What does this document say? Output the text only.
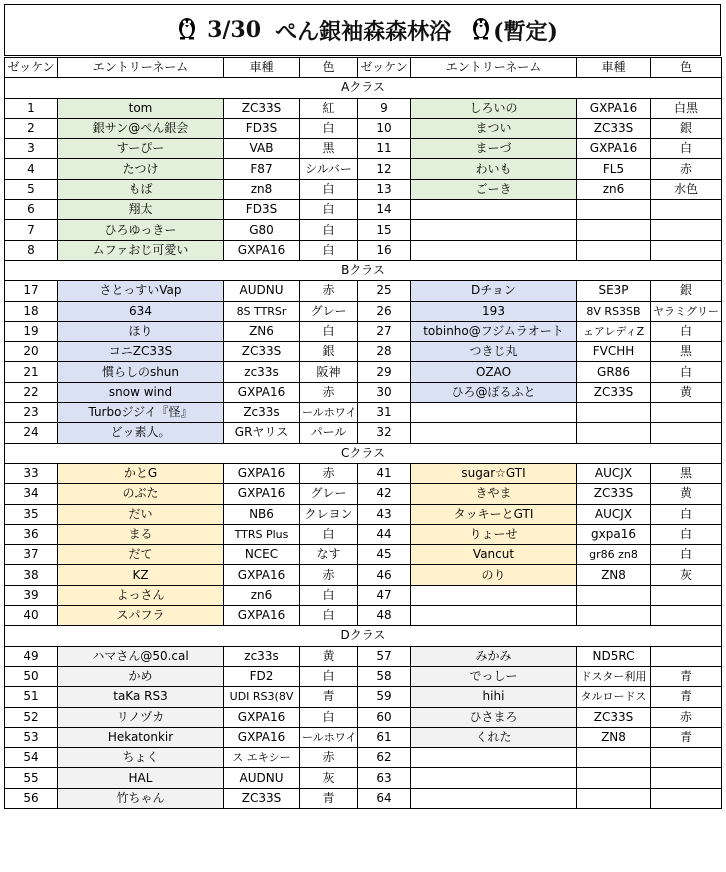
3/30 ぺん銀袖森森林浴 (暫定)
ゼッケン	エントリーネーム	車種	色	ゼッケン	エントリーネーム	車種	色
Aクラス							
1	tom	ZC33S	紅	9	しろいの	GXPA16	白黒
2	銀サン@ぺん銀会	FD3S	白	10	まつい	ZC33S	銀
3	すーぴー	VAB	黒	11	まーづ	GXPA16	白
4	たつけ	F87	シルバー	12	わいも	FL5	赤
5	もぱ	zn8	白	13	ごーき	zn6	水色
6	翔太	FD3S	白	14			
7	ひろゆっきー	G80	白	15			
8	ムファおじ可愛い	GXPA16	白	16			
Bクラス							
17	さとっすいVap	AUDNU	赤	25	Dチョン	SE3P	銀
18	634	8S TTRSr	グレー	26	193	8V RS3SB	ヤラミグリー
19	ほり	ZN6	白	27	tobinho@フジムラオート	ェアレディZ	白
20	コニZC33S	ZC33S	銀	28	つきじ丸	FVCHH	黒
21	慣らしのshun	zc33s	阪神	29	OZAO	GR86	白
22	snow wind	GXPA16	赤	30	ひろ@ぽるふと	ZC33S	黄
23	Turboジジイ『怪』	Zc33s	ールホワイ	31			
24	どッ素人。	GRヤリス	パール	32			
Cクラス							
33	かとG	GXPA16	赤	41	sugar☆GTI	AUCJX	黒
34	のぶた	GXPA16	グレー	42	きやま	ZC33S	黄
35	だい	NB6	クレヨン	43	タッキーとGTI	AUCJX	白
36	まる	TTRS Plus	白	44	りょーせ	gxpa16	白
37	だて	NCEC	なす	45	Vancut	gr86 zn8	白
38	KZ	GXPA16	赤	46	のり	ZN8	灰
39	よっさん	zn6	白	47			
40	スパフラ	GXPA16	白	48			
Dクラス							
49	ハマさん@50.cal	zc33s	黄	57	みかみ	ND5RC	
50	かめ	FD2	白	58	でっしー	ドスター利用	青
51	taKa RS3	UDI RS3(8V	青	59	hihi	タルロードス	青
52	リノヅカ	GXPA16	白	60	ひさまろ	ZC33S	赤
53	Hekatonkir	GXPA16	ールホワイ	61	くれた	ZN8	青
54	ちょく	ス エキシー	赤	62			
55	HAL	AUDNU	灰	63			
56	竹ちゃん	ZC33S	青	64			
